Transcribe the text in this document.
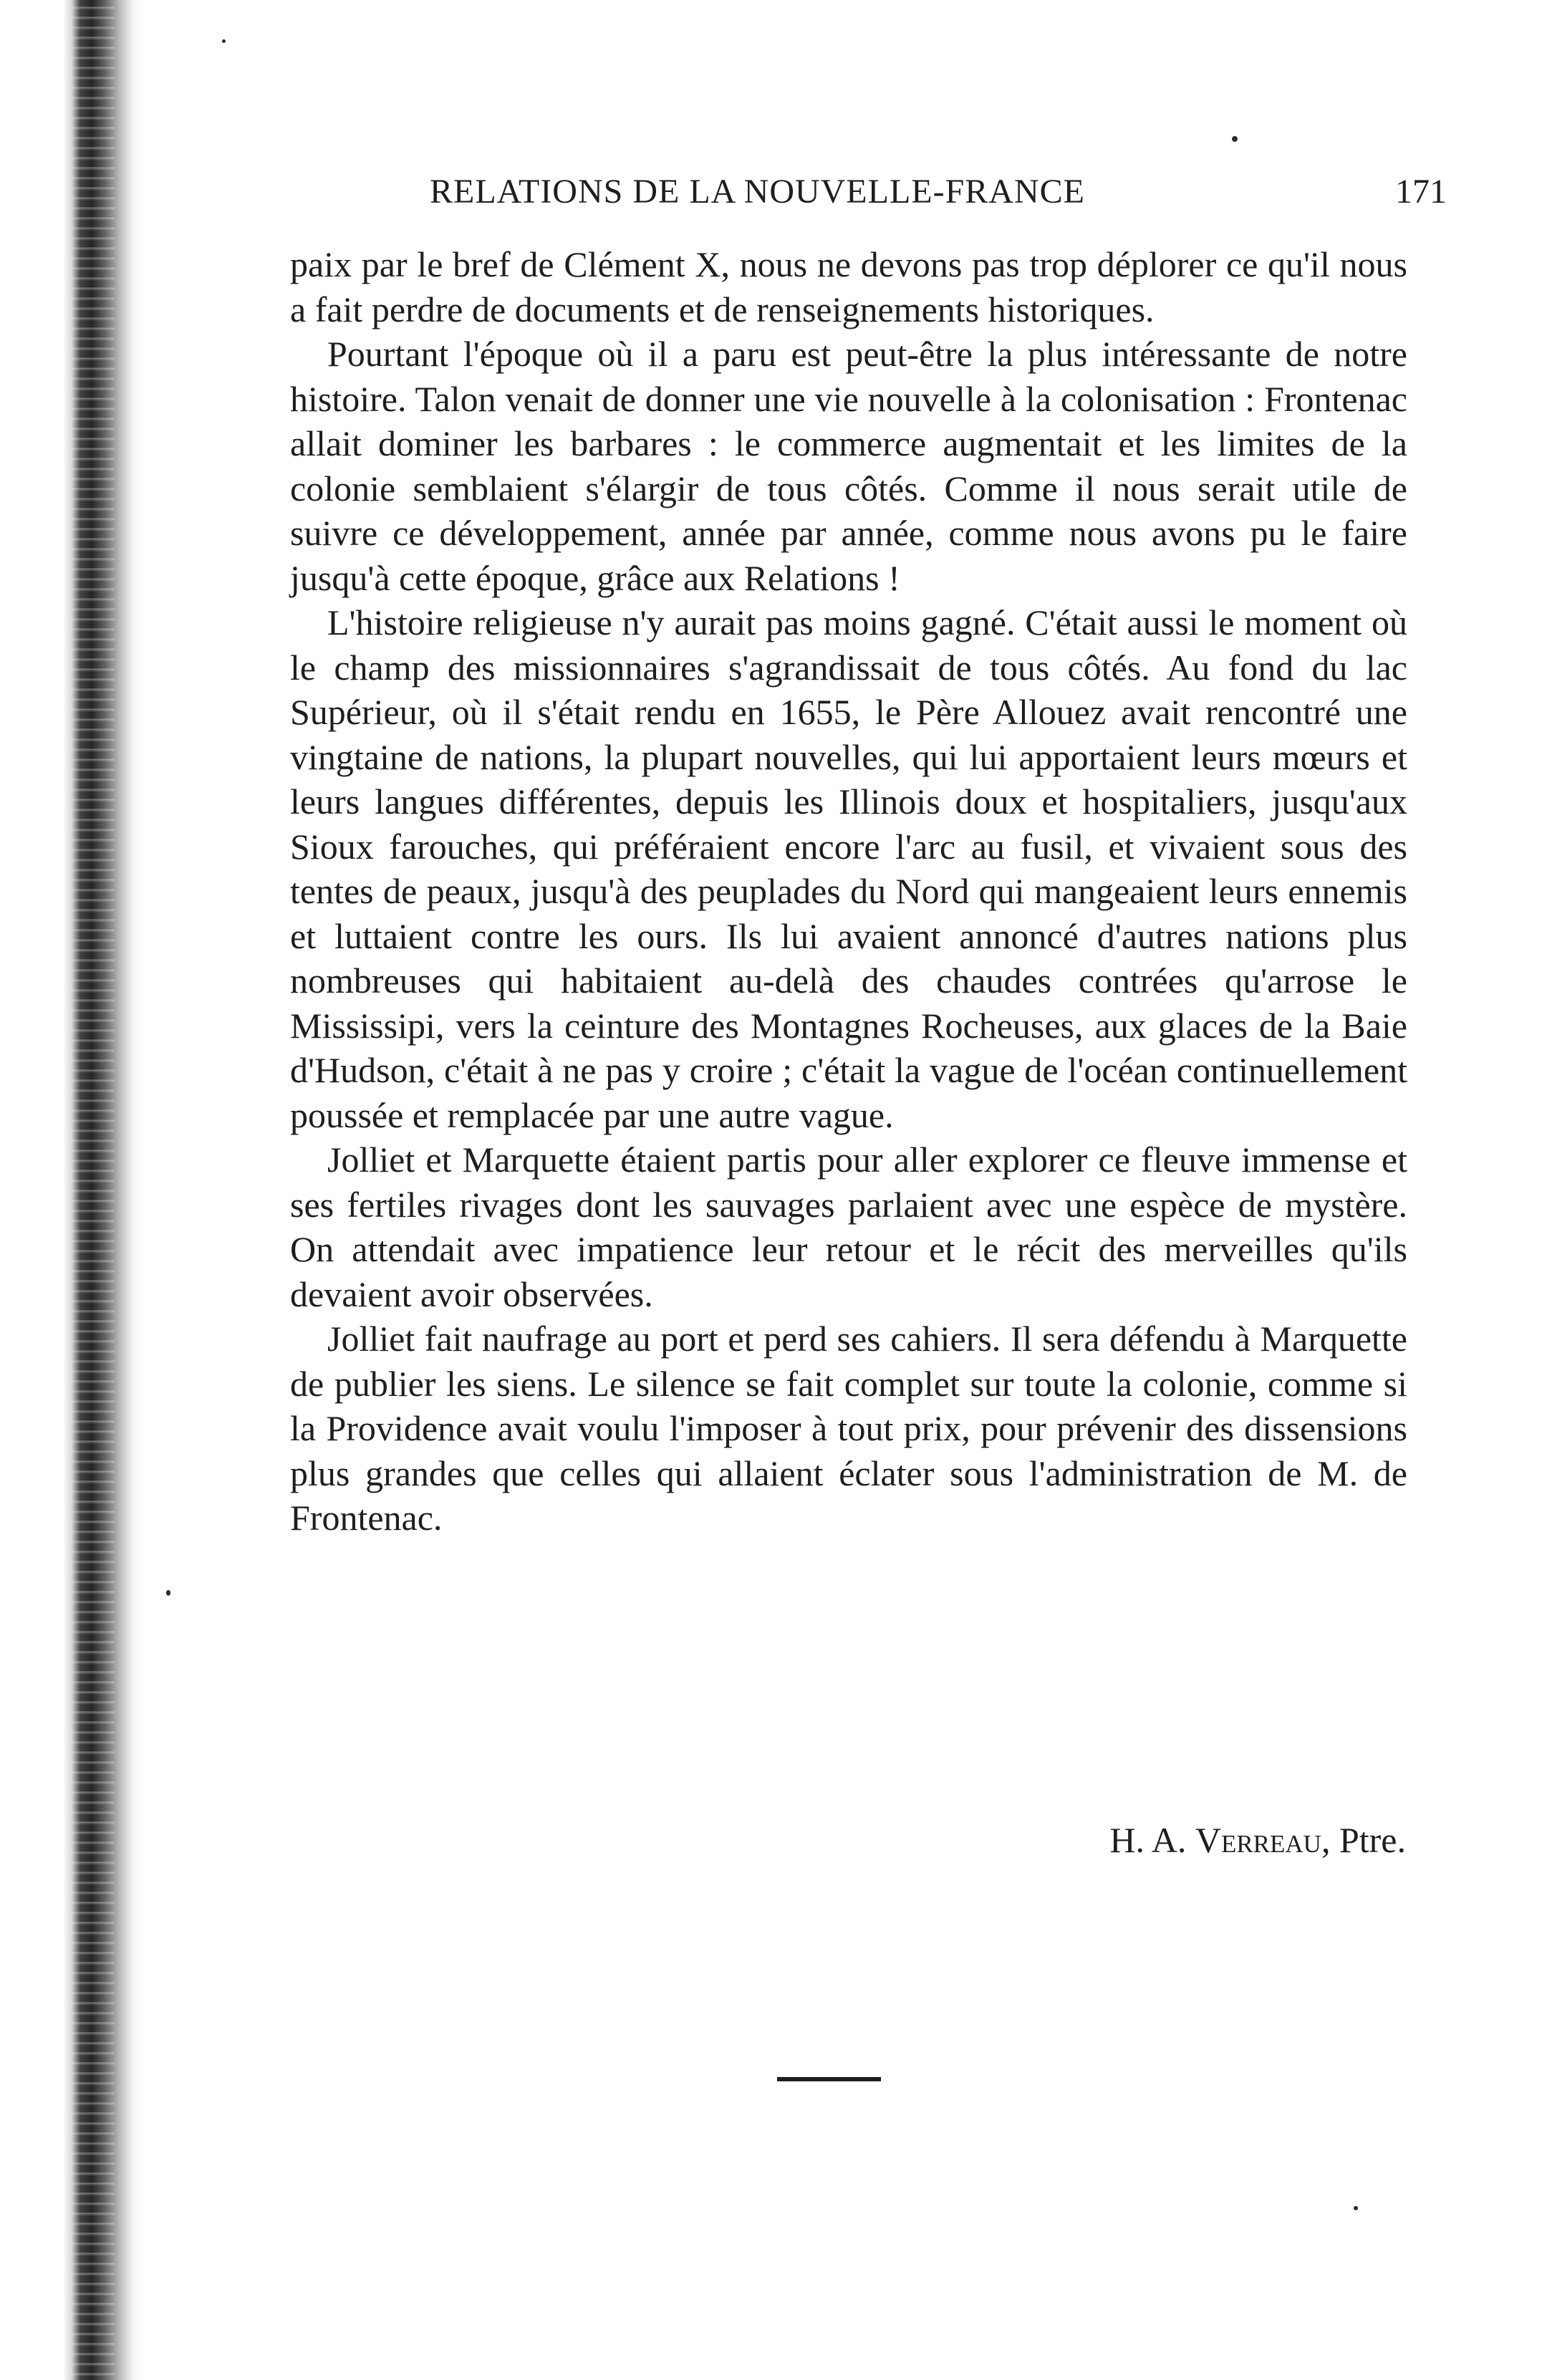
RELATIONS DE LA NOUVELLE-FRANCE	171

paix par le bref de Clément X, nous ne devons pas trop déplorer ce qu'il nous a fait perdre de documents et de renseignements historiques.

Pourtant l'époque où il a paru est peut-être la plus intéressante de notre histoire. Talon venait de donner une vie nouvelle à la colonisation : Frontenac allait dominer les barbares : le commerce augmentait et les limites de la colonie semblaient s'élargir de tous côtés. Comme il nous serait utile de suivre ce développement, année par année, comme nous avons pu le faire jusqu'à cette époque, grâce aux Relations !

L'histoire religieuse n'y aurait pas moins gagné. C'était aussi le moment où le champ des missionnaires s'agrandissait de tous côtés. Au fond du lac Supérieur, où il s'était rendu en 1655, le Père Allouez avait rencontré une vingtaine de nations, la plupart nouvelles, qui lui apportaient leurs mœurs et leurs langues différentes, depuis les Illinois doux et hospitaliers, jusqu'aux Sioux farouches, qui préféraient encore l'arc au fusil, et vivaient sous des tentes de peaux, jusqu'à des peuplades du Nord qui mangeaient leurs ennemis et luttaient contre les ours. Ils lui avaient annoncé d'autres nations plus nombreuses qui habitaient au-delà des chaudes contrées qu'arrose le Mississipi, vers la ceinture des Montagnes Rocheuses, aux glaces de la Baie d'Hudson, c'était à ne pas y croire ; c'était la vague de l'océan continuellement poussée et remplacée par une autre vague.

Jolliet et Marquette étaient partis pour aller explorer ce fleuve immense et ses fertiles rivages dont les sauvages parlaient avec une espèce de mystère. On attendait avec impatience leur retour et le récit des merveilles qu'ils devaient avoir observées.

Jolliet fait naufrage au port et perd ses cahiers. Il sera défendu à Marquette de publier les siens. Le silence se fait complet sur toute la colonie, comme si la Providence avait voulu l'imposer à tout prix, pour prévenir des dissensions plus grandes que celles qui allaient éclater sous l'administration de M. de Frontenac.

H. A. Verreau, Ptre.
